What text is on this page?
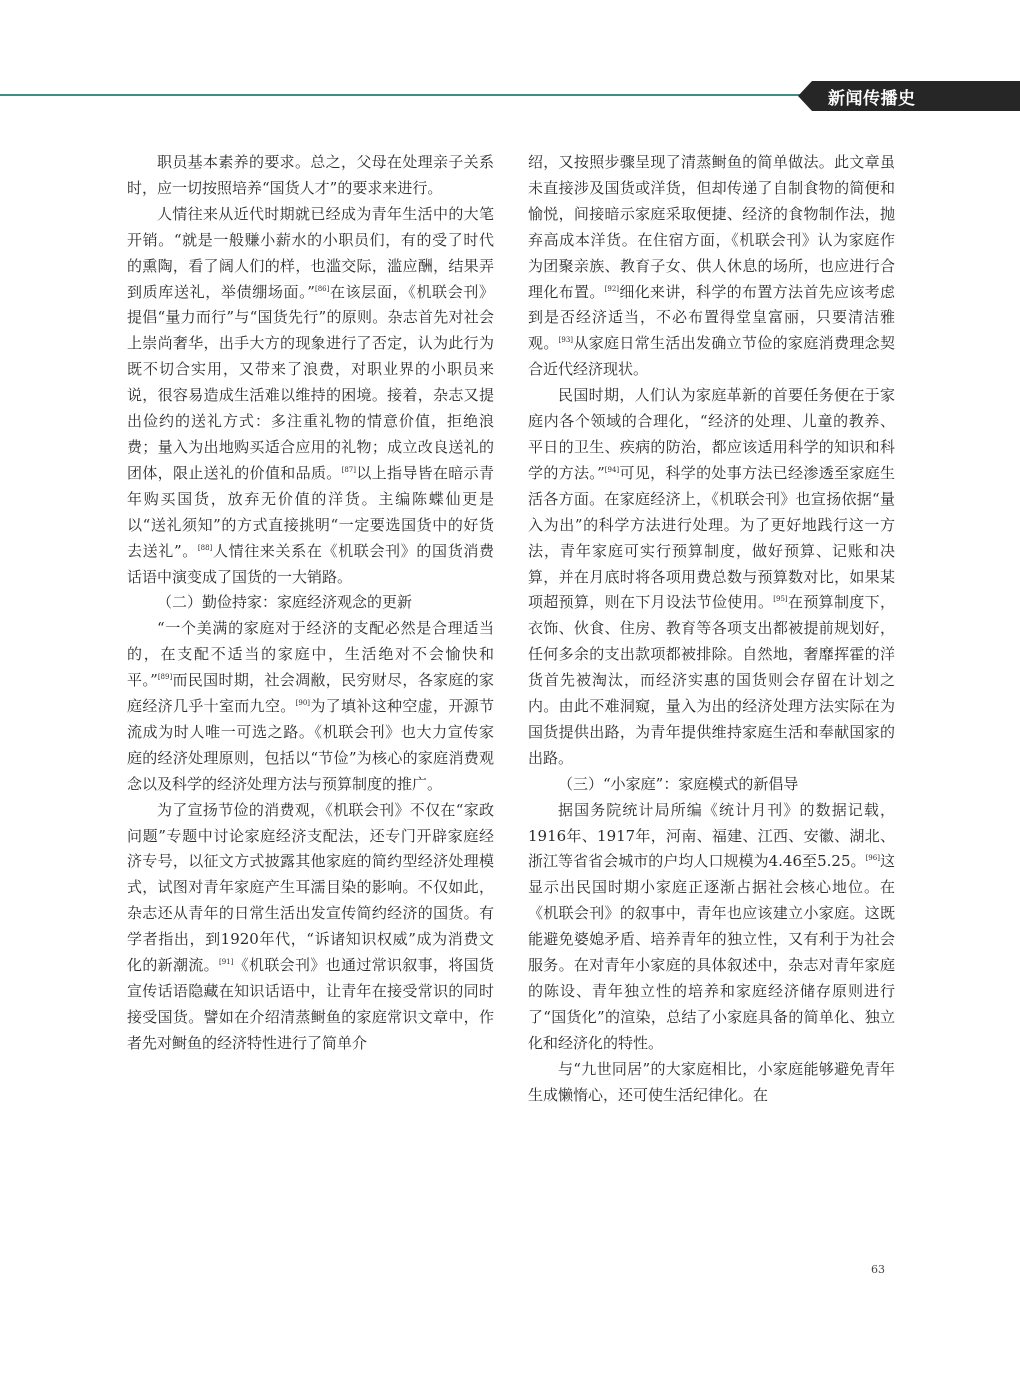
新闻传播史

职员基本素养的要求。总之，父母在处理亲子关系时，应一切按照培养“国货人才”的要求来进行。

人情往来从近代时期就已经成为青年生活中的大笔开销。“就是一般赚小薪水的小职员们，有的受了时代的熏陶，看了阔人们的样，也滥交际，滥应酬，结果弄到质库送礼，举债绷场面。”[86]在该层面，《机联会刊》提倡“量力而行”与“国货先行”的原则。杂志首先对社会上崇尚奢华，出手大方的现象进行了否定，认为此行为既不切合实用，又带来了浪费，对职业界的小职员来说，很容易造成生活难以维持的困境。接着，杂志又提出俭约的送礼方式：多注重礼物的情意价值，拒绝浪费；量入为出地购买适合应用的礼物；成立改良送礼的团体，限止送礼的价值和品质。[87]以上指导皆在暗示青年购买国货，放弃无价值的洋货。主编陈蝶仙更是以“送礼须知”的方式直接挑明“一定要选国货中的好货去送礼”。[88]人情往来关系在《机联会刊》的国货消费话语中演变成了国货的一大销路。

（二）勤俭持家：家庭经济观念的更新

“一个美满的家庭对于经济的支配必然是合理适当的，在支配不适当的家庭中，生活绝对不会愉快和平。”[89]而民国时期，社会凋敝，民穷财尽，各家庭的家庭经济几乎十室而九空。[90]为了填补这种空虚，开源节流成为时人唯一可选之路。《机联会刊》也大力宣传家庭的经济处理原则，包括以“节俭”为核心的家庭消费观念以及科学的经济处理方法与预算制度的推广。

为了宣扬节俭的消费观，《机联会刊》不仅在“家政问题”专题中讨论家庭经济支配法，还专门开辟家庭经济专号，以征文方式披露其他家庭的简约型经济处理模式，试图对青年家庭产生耳濡目染的影响。不仅如此，杂志还从青年的日常生活出发宣传简约经济的国货。有学者指出，到1920年代，“诉诸知识权威”成为消费文化的新潮流。[91]《机联会刊》也通过常识叙事，将国货宣传话语隐藏在知识话语中，让青年在接受常识的同时接受国货。譬如在介绍清蒸鲥鱼的家庭常识文章中，作者先对鲥鱼的经济特性进行了简单介

绍，又按照步骤呈现了清蒸鲥鱼的简单做法。此文章虽未直接涉及国货或洋货，但却传递了自制食物的简便和愉悦，间接暗示家庭采取便捷、经济的食物制作法，抛弃高成本洋货。在住宿方面，《机联会刊》认为家庭作为团聚亲族、教育子女、供人休息的场所，也应进行合理化布置。[92]细化来讲，科学的布置方法首先应该考虑到是否经济适当，不必布置得堂皇富丽，只要清洁雅观。[93]从家庭日常生活出发确立节俭的家庭消费理念契合近代经济现状。

民国时期，人们认为家庭革新的首要任务便在于家庭内各个领域的合理化，“经济的处理、儿童的教养、平日的卫生、疾病的防治，都应该适用科学的知识和科学的方法。”[94]可见，科学的处事方法已经渗透至家庭生活各方面。在家庭经济上，《机联会刊》也宣扬依据“量入为出”的科学方法进行处理。为了更好地践行这一方法，青年家庭可实行预算制度，做好预算、记账和决算，并在月底时将各项用费总数与预算数对比，如果某项超预算，则在下月设法节俭使用。[95]在预算制度下，衣饰、伙食、住房、教育等各项支出都被提前规划好，任何多余的支出款项都被排除。自然地，奢靡挥霍的洋货首先被淘汰，而经济实惠的国货则会存留在计划之内。由此不难洞窥，量入为出的经济处理方法实际在为国货提供出路，为青年提供维持家庭生活和奉献国家的出路。

（三）“小家庭”：家庭模式的新倡导

据国务院统计局所编《统计月刊》的数据记载，1916年、1917年，河南、福建、江西、安徽、湖北、浙江等省省会城市的户均人口规模为4.46至5.25。[96]这显示出民国时期小家庭正逐渐占据社会核心地位。在《机联会刊》的叙事中，青年也应该建立小家庭。这既能避免婆媳矛盾、培养青年的独立性，又有利于为社会服务。在对青年小家庭的具体叙述中，杂志对青年家庭的陈设、青年独立性的培养和家庭经济储存原则进行了“国货化”的渲染，总结了小家庭具备的简单化、独立化和经济化的特性。

与“九世同居”的大家庭相比，小家庭能够避免青年生成懒惰心，还可使生活纪律化。在

63
